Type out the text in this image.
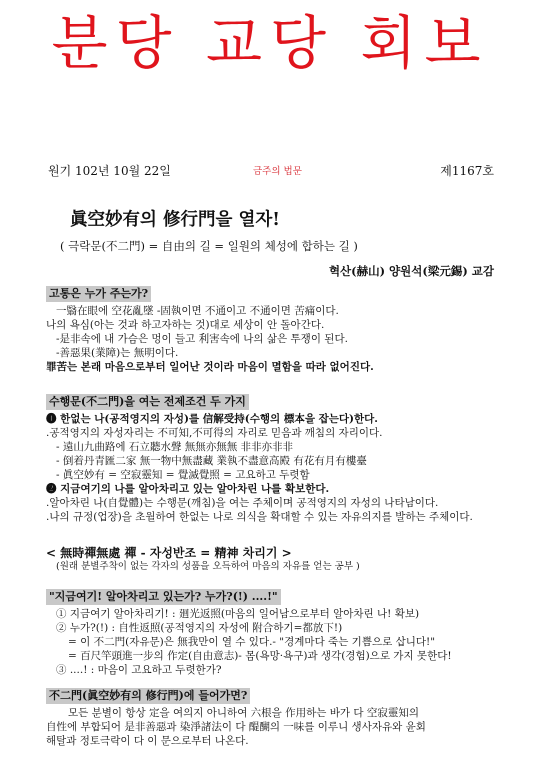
분당 교당 회보
원기 102년 10월 22일	금주의 법문	제1167호
眞空妙有의 修行門을 열자!
( 극락문(不二門) = 自由의 길 = 일원의 체성에 합하는 길 )
혁산(赫山) 양원석(梁元錫) 교감
고통은 누가 주는가?
一翳在眼에 空花亂墜 -固執이면 不通이고 不通이면 苦痛이다.
나의 욕심(아는 것과 하고자하는 것)대로 세상이 안 돌아간다.
-是非속에 내 가슴은 멍이 들고 利害속에 나의 삶은 투쟁이 된다.
-善惡果(業障)는 無明이다.
罪苦는 본래 마음으로부터 일어난 것이라 마음이 멸함을 따라 없어진다.
수행문(不二門)을 여는 전제조건 두 가지
❶ 한없는 나(공적영지의 자성)를 信解受持(수행의 標本을 잡는다)한다.
.공적영지의 자성자리는 不可知,不可得의 자리로 믿음과 깨침의 자리이다.
- 遠山九曲路에 石立聽水聲 無無亦無無 非非亦非非
- 倒着丹青匯二家 無一物中無盡藏 業執不盡意高殿 有花有月有樓臺
- 眞空妙有 = 空寂靈知 = 覺滅覺照 = 고요하고 두렷함
❷ 지금여기의 나를 알아차리고 있는 알아차린 나를 확보한다.
.알아차린 나(自覺體)는 수행문(깨침)을 여는 주체이며 공적영지의 자성의 나타남이다.
.나의 규정(업장)을 초월하여 한없는 나로 의식을 확대할 수 있는 자유의지를 발하는 주체이다.
< 無時禪無處 禪 - 자성반조 = 精神 차리기 >
(원래 분별주착이 없는 각자의 성품을 오득하여 마음의 자유를 얻는 공부 )
"지금여기! 알아차리고 있는가? 누가?(!) ....!"
① 지금여기 알아차리기! : 廻光返照(마음의 일어남으로부터 알아차린 나! 확보)
② 누가?(!) : 自性返照(공적영지의 자성에 附合하기=都放下!)
= 이 不二門(자유문)은 無我만이 열 수 있다.- "경계마다 죽는 기쁨으로 삽니다!"
= 百尺竿頭進一步의 作定(自由意志)- 몸(욕망·욕구)과 생각(경험)으로 가지 못한다!
③ ....! : 마음이 고요하고 두렷한가?
不二門(眞空妙有의 修行門)에 들어가면?
모든 분별이 항상 定을 여의지 아니하여 六根을 作用하는 바가 다 空寂靈知의
自性에 부합되어 是非善惡과 染淨諸法이 다 醍醐의 一味를 이루니 생사자유와 윤회
해탈과 정토극락이 다 이 문으로부터 나온다.
